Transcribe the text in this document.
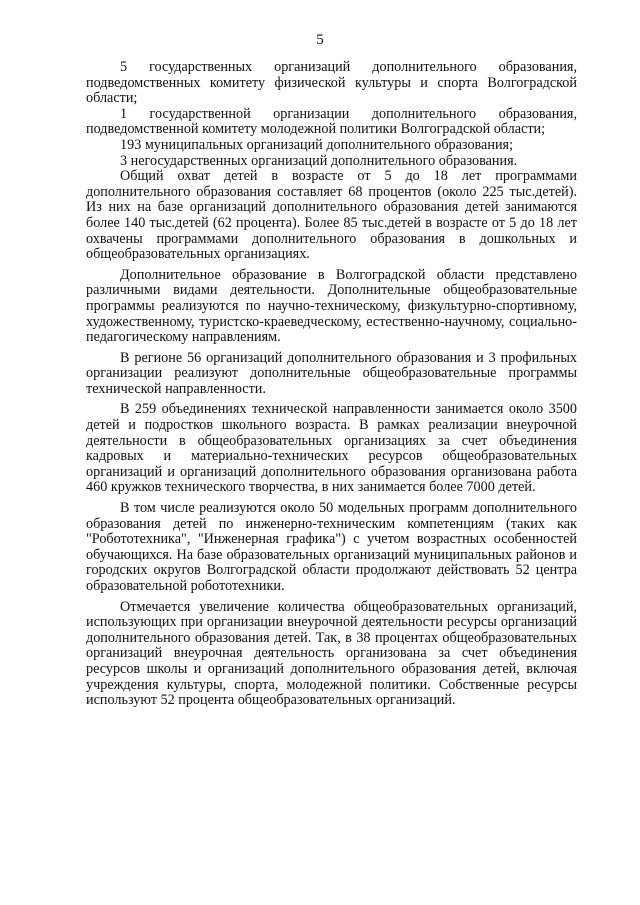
5

5 государственных организаций дополнительного образования, подведомственных комитету физической культуры и спорта Волгоградской области;

1 государственной организации дополнительного образования, подведомственной комитету молодежной политики Волгоградской области;

193 муниципальных организаций дополнительного образования;

3 негосударственных организаций дополнительного образования.

Общий охват детей в возрасте от 5 до 18 лет программами дополнительного образования составляет 68 процентов (около 225 тыс.детей). Из них на базе организаций дополнительного образования детей занимаются более 140 тыс.детей (62 процента). Более 85 тыс.детей в возрасте от 5 до 18 лет охвачены программами дополнительного образования в дошкольных и общеобразовательных организациях.

Дополнительное образование в Волгоградской области представлено различными видами деятельности. Дополнительные общеобразовательные программы реализуются по научно-техническому, физкультурно-спортивному, художественному, туристско-краеведческому, естественно-научному, социально-педагогическому направлениям.

В регионе 56 организаций дополнительного образования и 3 профильных организации реализуют дополнительные общеобразовательные программы технической направленности.

В 259 объединениях технической направленности занимается около 3500 детей и подростков школьного возраста. В рамках реализации внеурочной деятельности в общеобразовательных организациях за счет объединения кадровых и материально-технических ресурсов общеобразовательных организаций и организаций дополнительного образования организована работа 460 кружков технического творчества, в них занимается более 7000 детей.

В том числе реализуются около 50 модельных программ дополнительного образования детей по инженерно-техническим компетенциям (таких как "Робототехника", "Инженерная графика") с учетом возрастных особенностей обучающихся. На базе образовательных организаций муниципальных районов и городских округов Волгоградской области продолжают действовать 52 центра образовательной робототехники.

Отмечается увеличение количества общеобразовательных организаций, использующих при организации внеурочной деятельности ресурсы организаций дополнительного образования детей. Так, в 38 процентах общеобразовательных организаций внеурочная деятельность организована за счет объединения ресурсов школы и организаций дополнительного образования детей, включая учреждения культуры, спорта, молодежной политики. Собственные ресурсы используют 52 процента общеобразовательных организаций.
